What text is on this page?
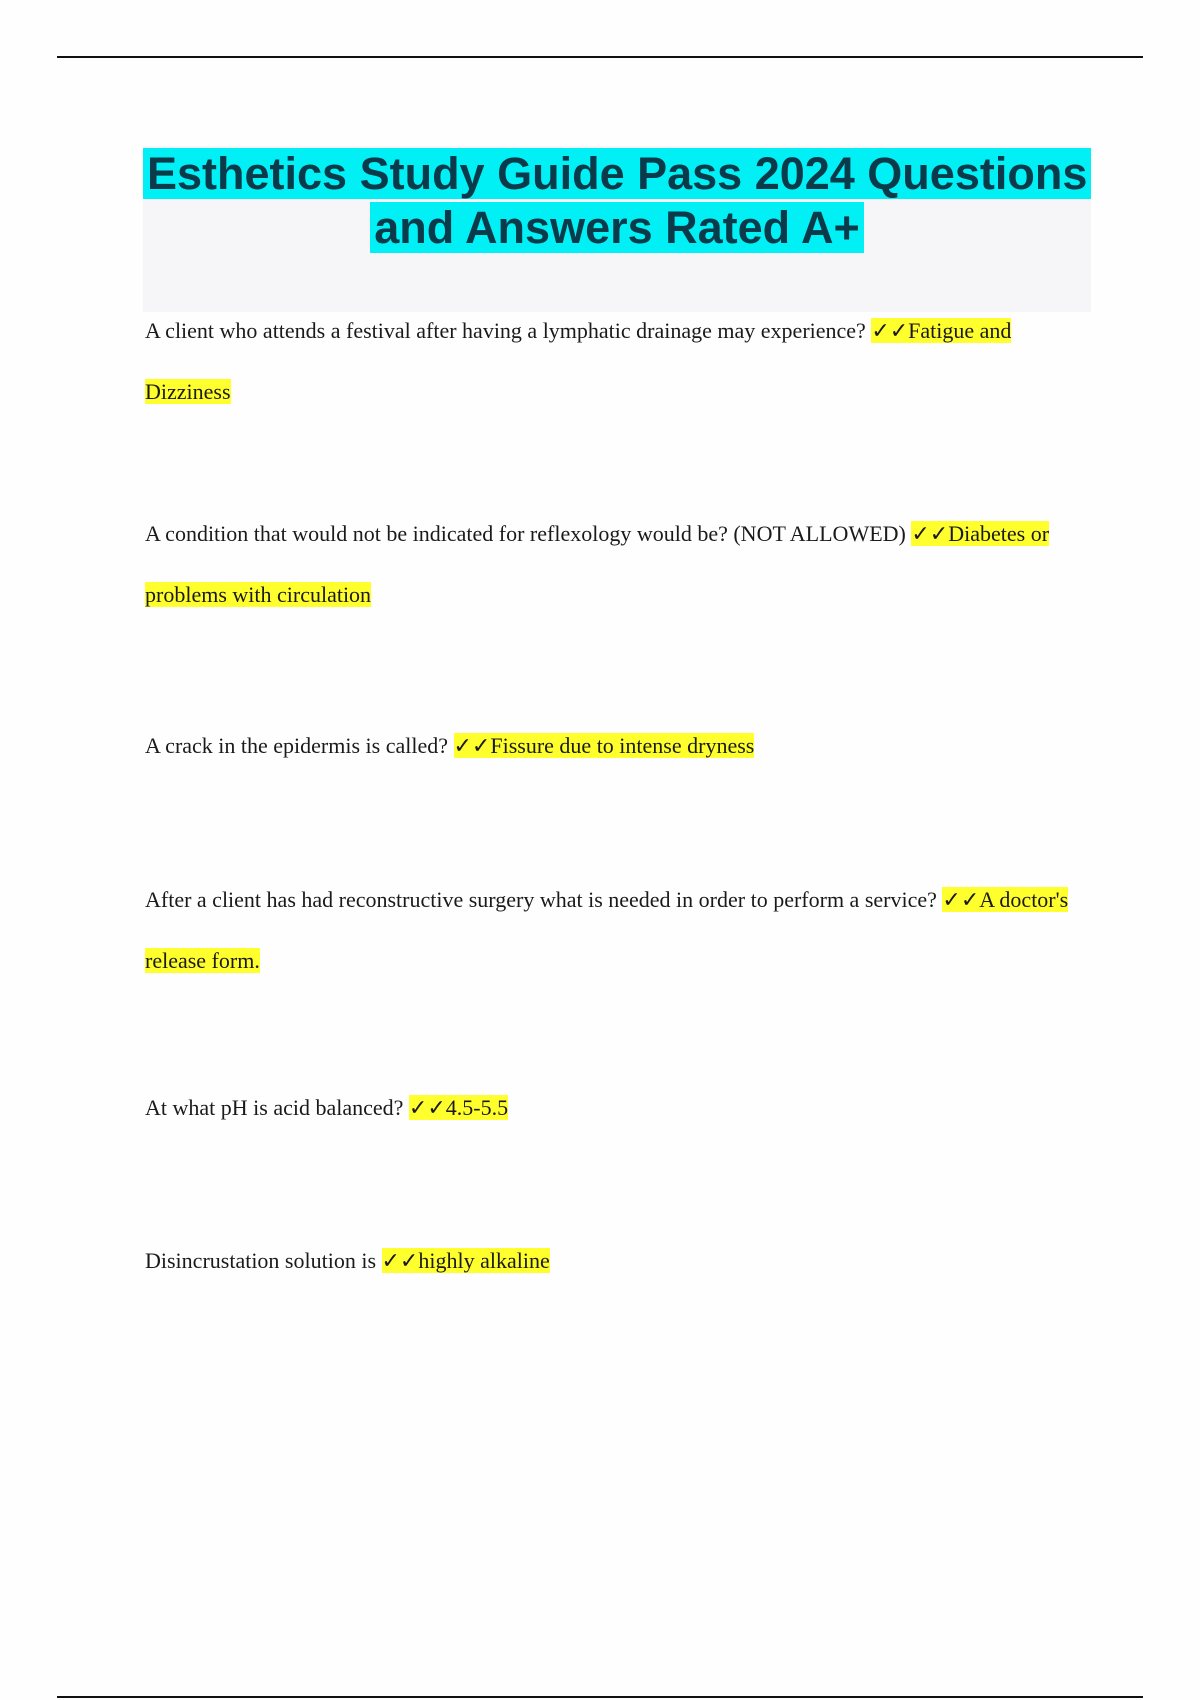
Esthetics Study Guide Pass 2024 Questions and Answers Rated A+

A client who attends a festival after having a lymphatic drainage may experience? ✓✓Fatigue and Dizziness

A condition that would not be indicated for reflexology would be? (NOT ALLOWED) ✓✓Diabetes or problems with circulation

A crack in the epidermis is called? ✓✓Fissure due to intense dryness

After a client has had reconstructive surgery what is needed in order to perform a service? ✓✓A doctor's release form.

At what pH is acid balanced? ✓✓4.5-5.5

Disincrustation solution is ✓✓highly alkaline
